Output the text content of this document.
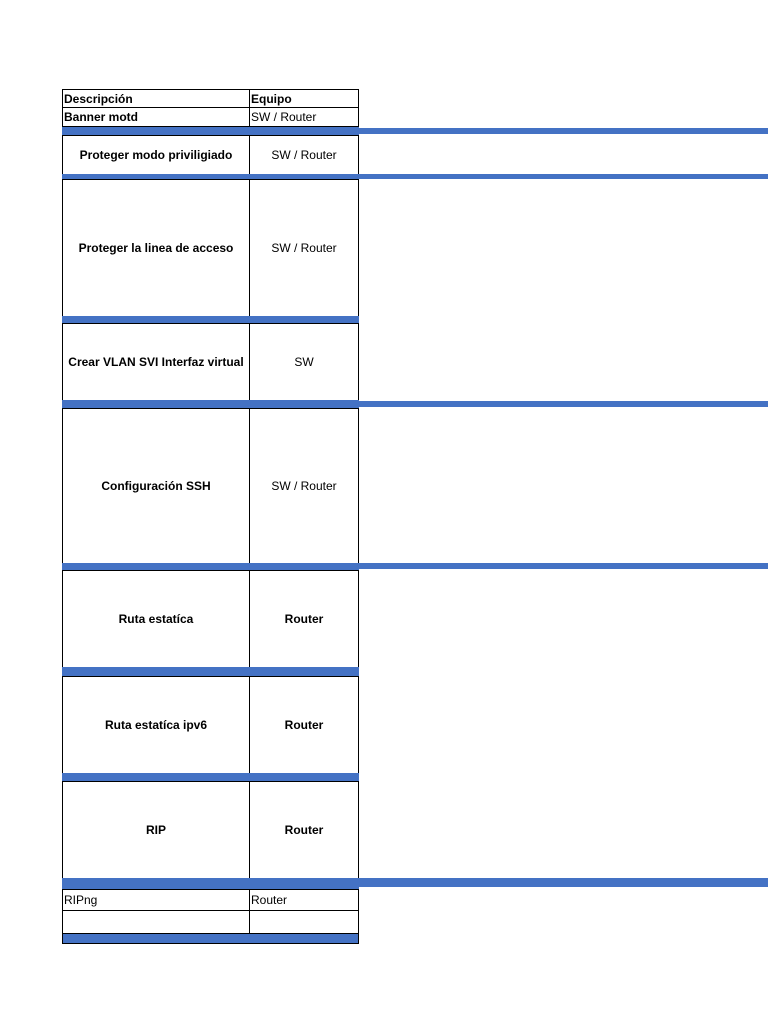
Descripción	Equipo
Banner motd	SW / Router
Proteger modo priviligiado	SW / Router
Proteger la linea de acceso	SW / Router
Crear VLAN SVI Interfaz virtual	SW
Configuración SSH	SW / Router
Ruta estatíca	Router
Ruta estatíca ipv6	Router
RIP	Router
RIPng	Router
